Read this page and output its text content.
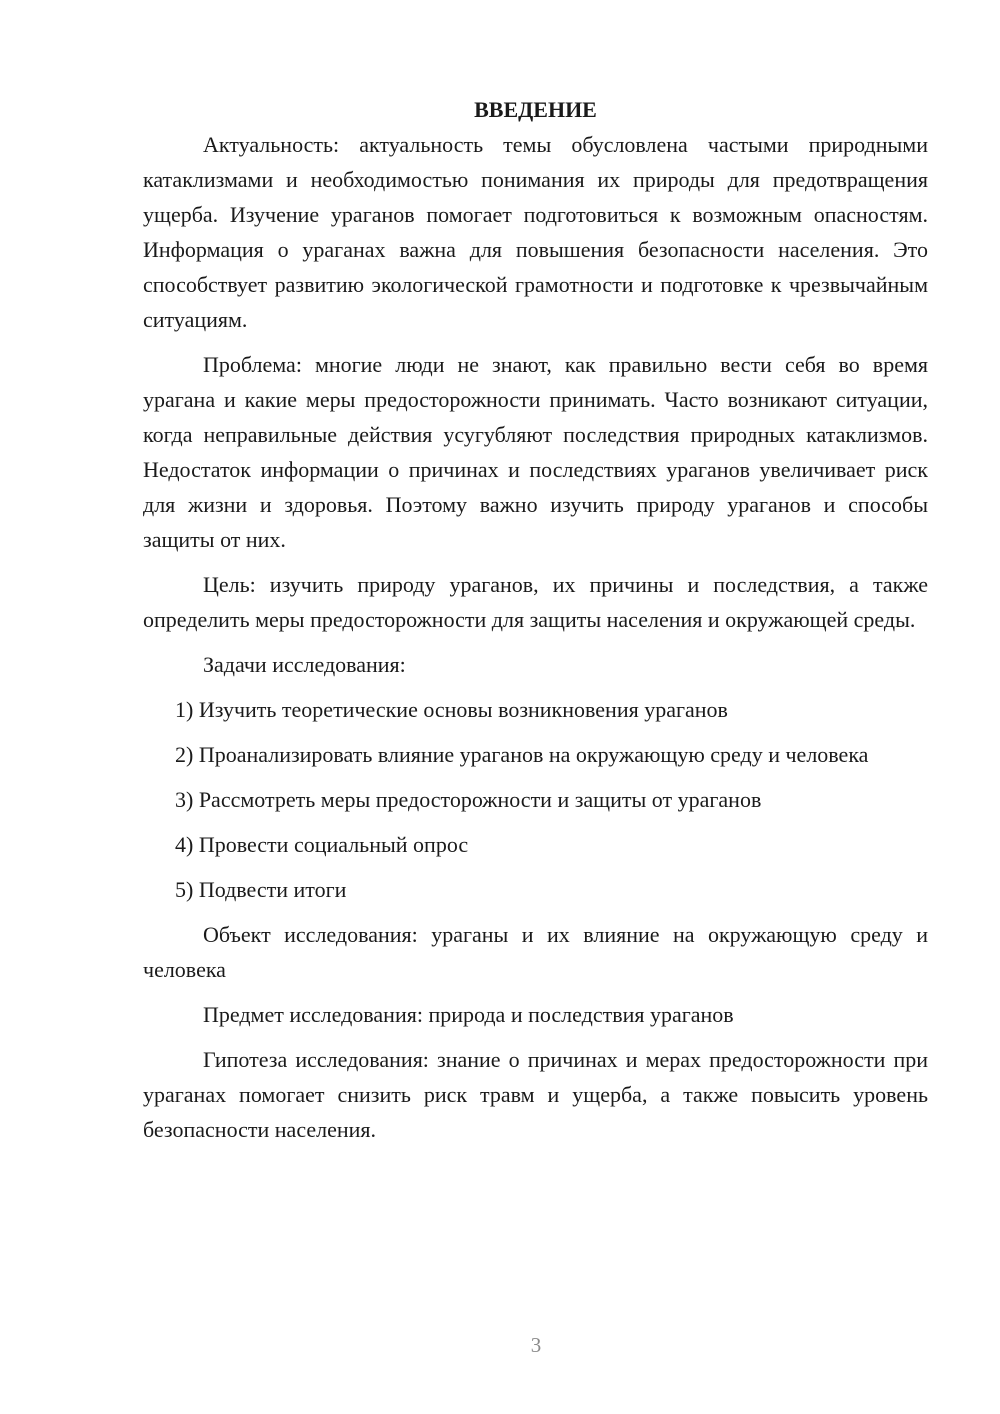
ВВЕДЕНИЕ

Актуальность: актуальность темы обусловлена частыми природными катаклизмами и необходимостью понимания их природы для предотвращения ущерба. Изучение ураганов помогает подготовиться к возможным опасностям. Информация о ураганах важна для повышения безопасности населения. Это способствует развитию экологической грамотности и подготовке к чрезвычайным ситуациям.

Проблема: многие люди не знают, как правильно вести себя во время урагана и какие меры предосторожности принимать. Часто возникают ситуации, когда неправильные действия усугубляют последствия природных катаклизмов. Недостаток информации о причинах и последствиях ураганов увеличивает риск для жизни и здоровья. Поэтому важно изучить природу ураганов и способы защиты от них.

Цель: изучить природу ураганов, их причины и последствия, а также определить меры предосторожности для защиты населения и окружающей среды.

Задачи исследования:

1) Изучить теоретические основы возникновения ураганов

2) Проанализировать влияние ураганов на окружающую среду и человека

3) Рассмотреть меры предосторожности и защиты от ураганов

4) Провести социальный опрос

5) Подвести итоги

Объект исследования: ураганы и их влияние на окружающую среду и человека

Предмет исследования: природа и последствия ураганов

Гипотеза исследования: знание о причинах и мерах предосторожности при ураганах помогает снизить риск травм и ущерба, а также повысить уровень безопасности населения.

3
